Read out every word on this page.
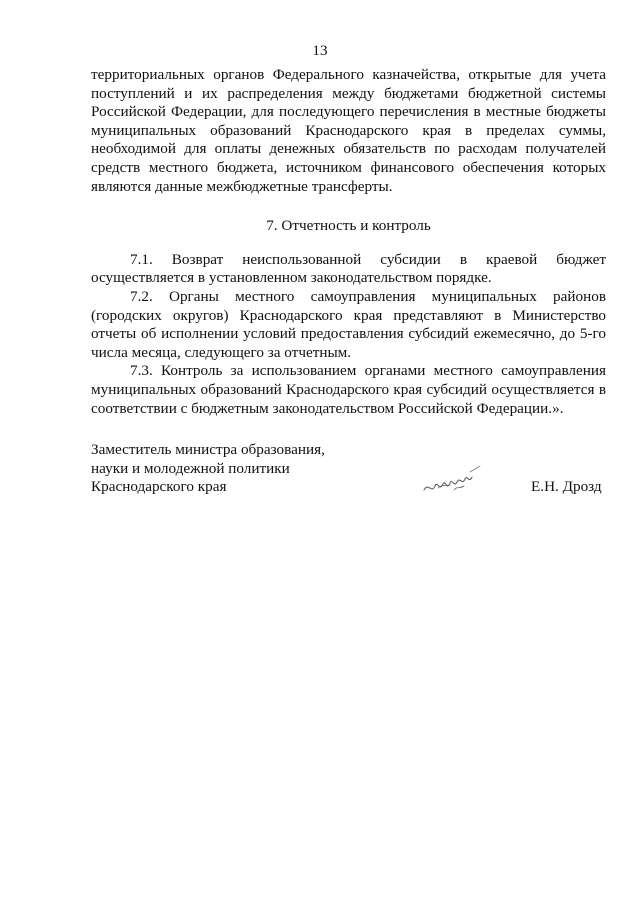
13

территориальных органов Федерального казначейства, открытые для учета поступлений и их распределения между бюджетами бюджетной системы Российской Федерации, для последующего перечисления в местные бюджеты муниципальных образований Краснодарского края в пределах суммы, необходимой для оплаты денежных обязательств по расходам получателей средств местного бюджета, источником финансового обеспечения которых являются данные межбюджетные трансферты.

7. Отчетность и контроль

7.1. Возврат неиспользованной субсидии в краевой бюджет осуществляется в установленном законодательством порядке.

7.2. Органы местного самоуправления муниципальных районов (городских округов) Краснодарского края представляют в Министерство отчеты об исполнении условий предоставления субсидий ежемесячно, до 5-го числа месяца, следующего за отчетным.

7.3. Контроль за использованием органами местного самоуправления муниципальных образований Краснодарского края субсидий осуществляется в соответствии с бюджетным законодательством Российской Федерации.».

Заместитель министра образования,
науки и молодежной политики
Краснодарского края	Е.Н. Дрозд
